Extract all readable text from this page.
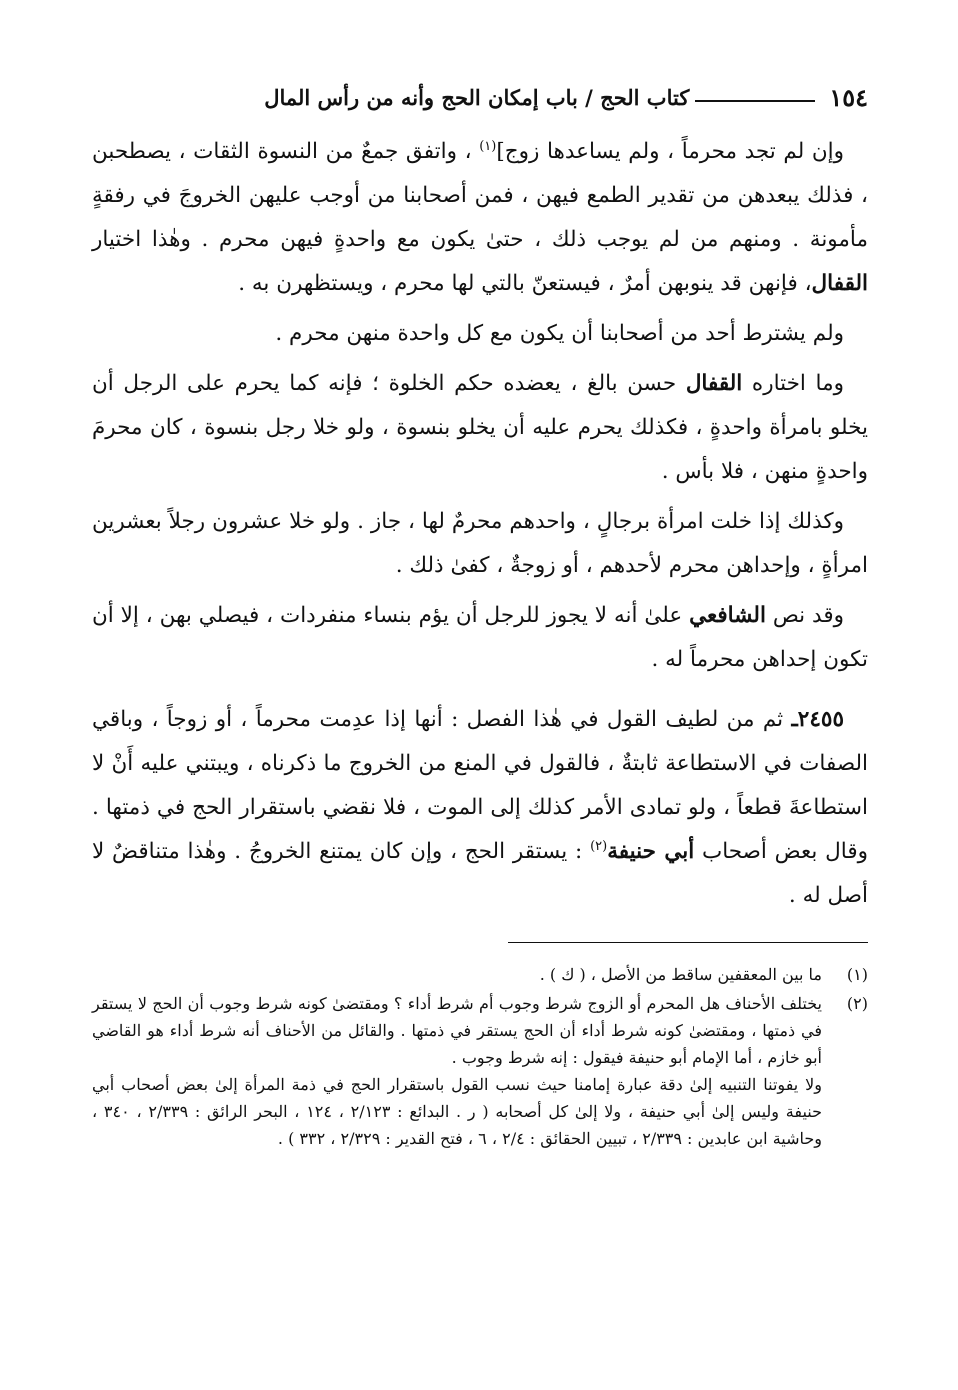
١٥٤
كتاب الحج / باب إمكان الحج وأنه من رأس المال

وإن لم تجد محرماً ، ولم يساعدها زوج]$^{(١)}$ ، واتفق جمعٌ من النسوة الثقات ، يصطحبن ، فذلك يبعدهن من تقدير الطمع فيهن ، فمن أصحابنا من أوجب عليهن الخروجَ في رفقةٍ مأمونة . ومنهم من لم يوجب ذلك ، حتىٰ يكون مع واحدةٍ فيهن محرم . وهٰذا اختيار القفال، فإنهن قد ينوبهن أمرٌ ، فيستعنّ بالتي لها محرم ، ويستظهرن به .

ولم يشترط أحد من أصحابنا أن يكون مع كل واحدة منهن محرم .

وما اختاره القفال حسن بالغ ، يعضده حكم الخلوة ؛ فإنه كما يحرم على الرجل أن يخلو بامرأة واحدةٍ ، فكذلك يحرم عليه أن يخلو بنسوة ، ولو خلا رجل بنسوة ، كان محرمَ واحدةٍ منهن ، فلا بأس .

وكذلك إذا خلت امرأة برجالٍ ، واحدهم محرمٌ لها ، جاز . ولو خلا عشرون رجلاً بعشرين امرأةٍ ، وإحداهن محرم لأحدهم ، أو زوجةٌ ، كفىٰ ذلك .

وقد نص الشافعي علىٰ أنه لا يجوز للرجل أن يؤم بنساء منفردات ، فيصلي بهن ، إلا أن تكون إحداهن محرماً له .

٢٤٥٥ـ ثم من لطيف القول في هٰذا الفصل : أنها إذا عدِمت محرماً ، أو زوجاً ، وباقي الصفات في الاستطاعة ثابتةٌ ، فالقول في المنع من الخروج ما ذكرناه ، ويبتني عليه أَنْ لا استطاعةَ قطعاً ، ولو تمادى الأمر كذلك إلى الموت ، فلا نقضي باستقرار الحج في ذمتها . وقال بعض أصحاب أبي حنيفة$^{(٢)}$ : يستقر الحج ، وإن كان يمتنع الخروجُ . وهٰذا متناقضٌ لا أصل له .

(١)
ما بين المعقفين ساقط من الأصل ، ( ك ) .
(٢)
يختلف الأحناف هل المحرم أو الزوج شرط وجوب أم شرط أداء ؟ ومقتضىٰ كونه شرط وجوب أن الحج لا يستقر في ذمتها ، ومقتضىٰ كونه شرط أداء أن الحج يستقر في ذمتها . والقائل من الأحناف أنه شرط أداء هو القاضي أبو خازم ، أما الإمام أبو حنيفة فيقول : إنه شرط وجوب .
ولا يفوتنا التنبيه إلىٰ دقة عبارة إمامنا حيث نسب القول باستقرار الحج في ذمة المرأة إلىٰ بعض أصحاب أبي حنيفة وليس إلىٰ أبي حنيفة ، ولا إلىٰ كل أصحابه ( ر . البدائع : ٢/١٢٣ ، ١٢٤ ، البحر الرائق : ٢/٣٣٩ ، ٣٤٠ ، وحاشية ابن عابدين : ٢/٣٣٩ ، تبيين الحقائق : ٢/٤ ، ٦ ، فتح القدير : ٢/٣٢٩ ، ٣٣٢ ) .
